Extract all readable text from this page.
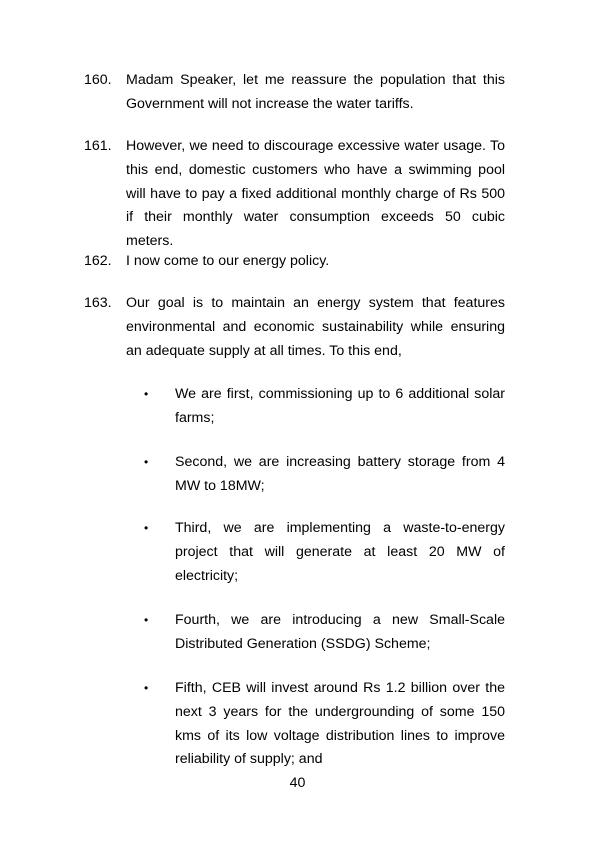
160.	Madam Speaker, let me reassure the population that this Government will not increase the water tariffs.
161.	However, we need to discourage excessive water usage. To this end, domestic customers who have a swimming pool will have to pay a fixed additional monthly charge of Rs 500 if their monthly water consumption exceeds 50 cubic meters.
162.	I now come to our energy policy.
163.	Our goal is to maintain an energy system that features environmental and economic sustainability while ensuring an adequate supply at all times. To this end,
•	We are first, commissioning up to 6 additional solar farms;
•	Second, we are increasing battery storage from 4 MW to 18MW;
•	Third, we are implementing a waste-to-energy project that will generate at least 20 MW of electricity;
•	Fourth, we are introducing a new Small-Scale Distributed Generation (SSDG) Scheme;
•	Fifth, CEB will invest around Rs 1.2 billion over the next 3 years for the undergrounding of some 150 kms of its low voltage distribution lines to improve reliability of supply; and
40
